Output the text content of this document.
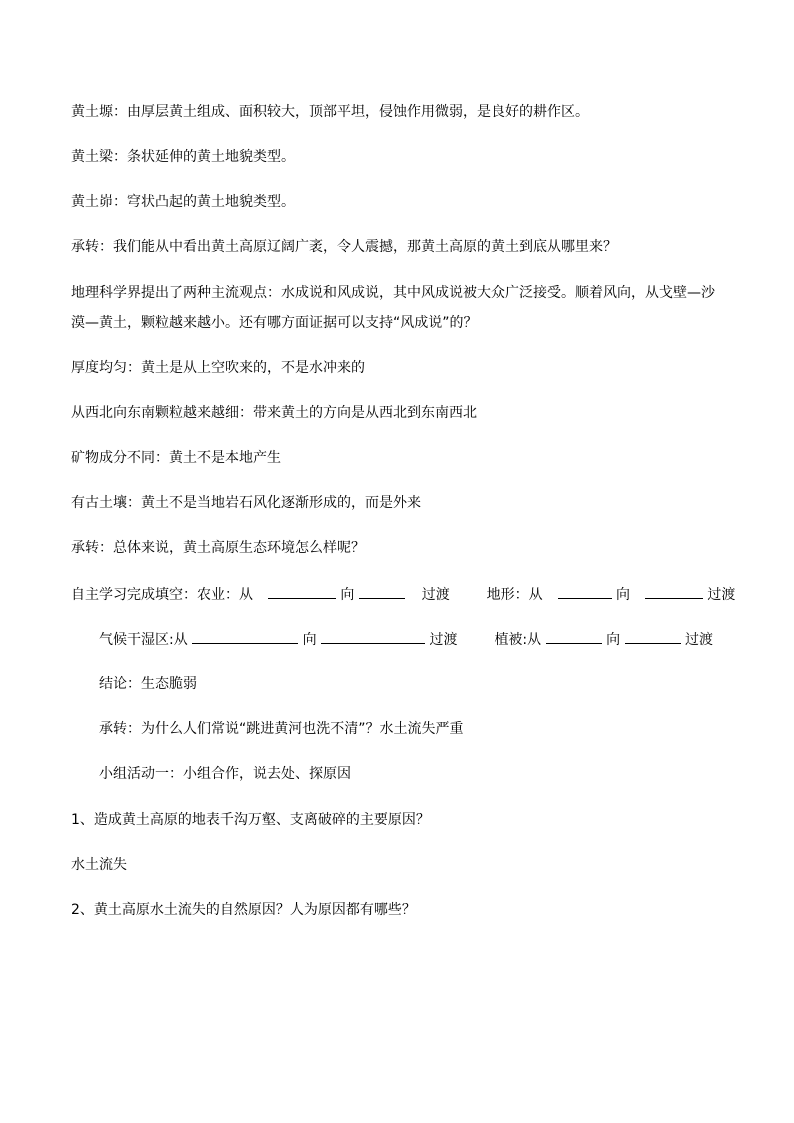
黄土塬：由厚层黄土组成、面积较大，顶部平坦，侵蚀作用微弱，是良好的耕作区。
黄土梁：条状延伸的黄土地貌类型。
黄土峁：穹状凸起的黄土地貌类型。
承转：我们能从中看出黄土高原辽阔广袤，令人震撼，那黄土高原的黄土到底从哪里来？
地理科学界提出了两种主流观点：水成说和风成说，其中风成说被大众广泛接受。顺着风向，从戈壁—沙
漠—黄土，颗粒越来越小。还有哪方面证据可以支持“风成说”的？
厚度均匀：黄土是从上空吹来的，不是水冲来的
从西北向东南颗粒越来越细：带来黄土的方向是从西北到东南西北
矿物成分不同：黄土不是本地产生
有古土壤：黄土不是当地岩石风化逐渐形成的，而是外来
承转：总体来说，黄土高原生态环境怎么样呢？
自主学习完成填空：农业：从	向	过渡	地形：从	向	过渡
气候干湿区:从	向	过渡	植被:从	向	过渡
结论：生态脆弱
承转：为什么人们常说“跳进黄河也洗不清”？水土流失严重
小组活动一：小组合作，说去处、探原因
1、造成黄土高原的地表千沟万壑、支离破碎的主要原因？
水土流失
2、黄土高原水土流失的自然原因？人为原因都有哪些？
